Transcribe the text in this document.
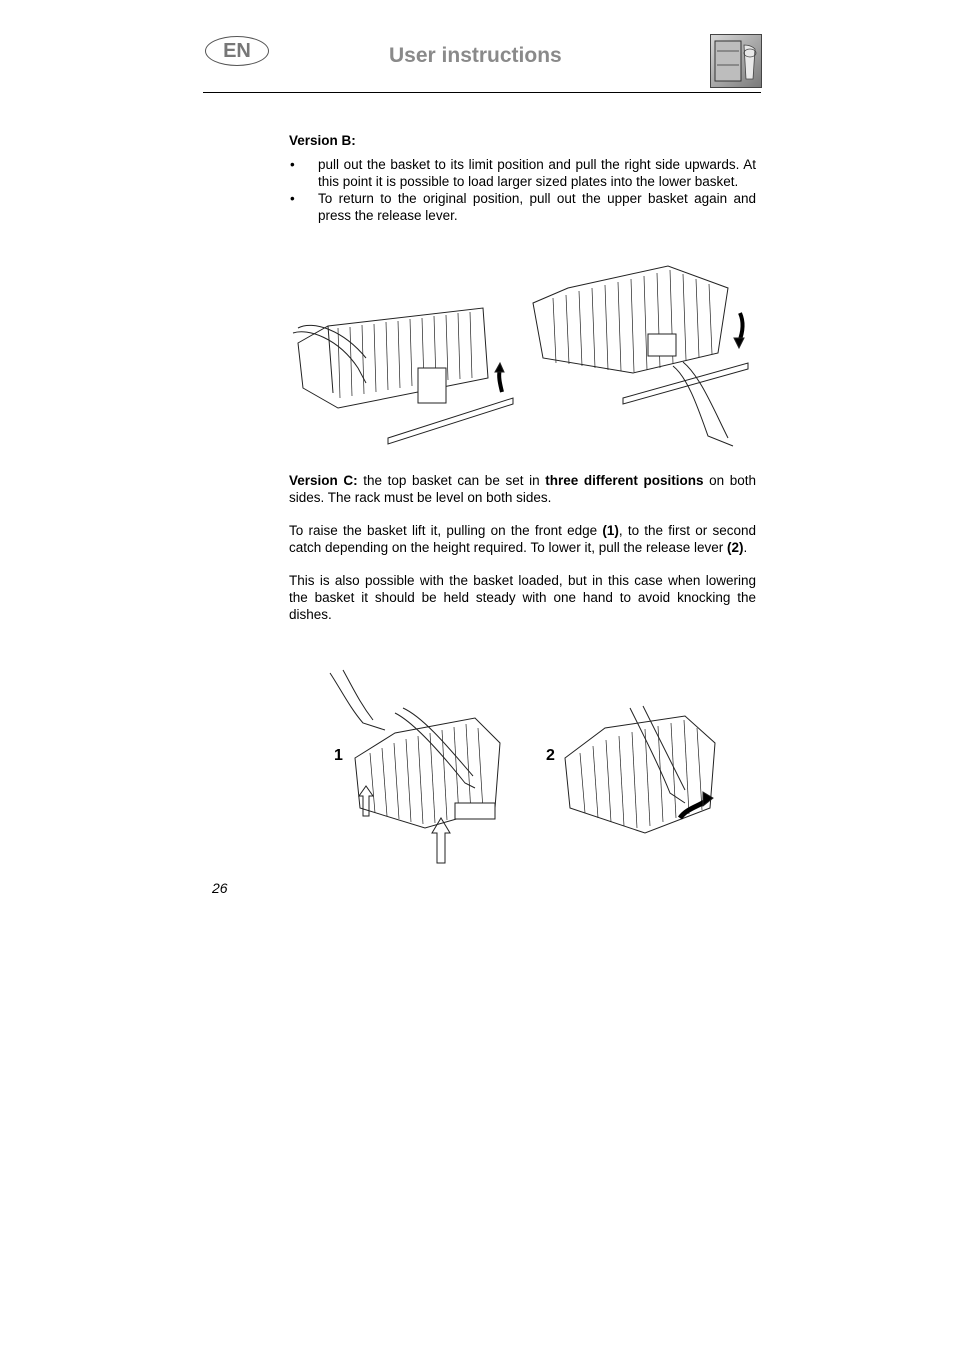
EN	User instructions

Version B:

• pull out the basket to its limit position and pull the right side upwards. At this point it is possible to load larger sized plates into the lower basket.
• To return to the original position, pull out the upper basket again and press the release lever.

Version C: the top basket can be set in three different positions on both sides. The rack must be level on both sides.

To raise the basket lift it, pulling on the front edge (1), to the first or second catch depending on the height required. To lower it, pull the release lever (2).

This is also possible with the basket loaded, but in this case when lowering the basket it should be held steady with one hand to avoid knocking the dishes.

1	2
26
